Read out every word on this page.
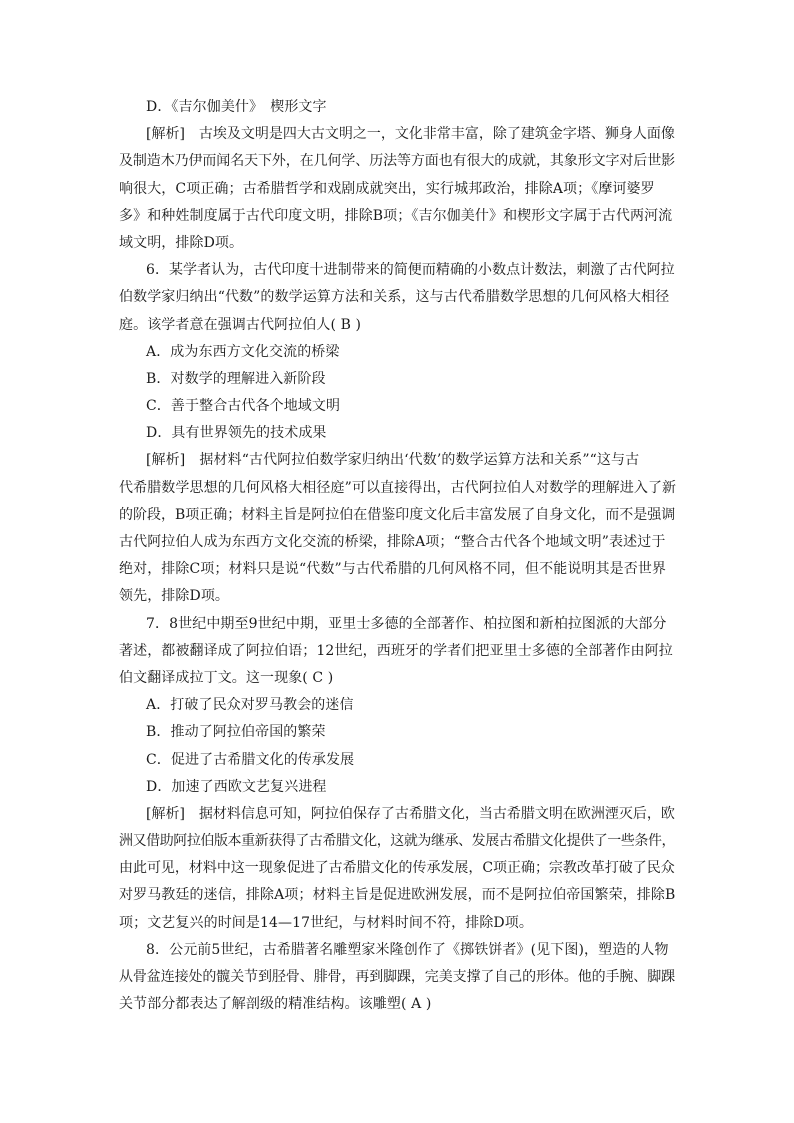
D．《吉尔伽美什》　楔形文字
[解析]　古埃及文明是四大古文明之一，文化非常丰富，除了建筑金字塔、狮身人面像
及制造木乃伊而闻名天下外，在几何学、历法等方面也有很大的成就，其象形文字对后世影
响很大，C项正确；古希腊哲学和戏剧成就突出，实行城邦政治，排除A项；《摩诃婆罗
多》和种姓制度属于古代印度文明，排除B项；《吉尔伽美什》和楔形文字属于古代两河流
域文明，排除D项。
6．某学者认为，古代印度十进制带来的简便而精确的小数点计数法，刺激了古代阿拉
伯数学家归纳出“代数”的数学运算方法和关系，这与古代希腊数学思想的几何风格大相径
庭。该学者意在强调古代阿拉伯人( B )
A．成为东西方文化交流的桥梁
B．对数学的理解进入新阶段
C．善于整合古代各个地域文明
D．具有世界领先的技术成果
[解析]　据材料“古代阿拉伯数学家归纳出‘代数’的数学运算方法和关系”“这与古
代希腊数学思想的几何风格大相径庭”可以直接得出，古代阿拉伯人对数学的理解进入了新
的阶段，B项正确；材料主旨是阿拉伯在借鉴印度文化后丰富发展了自身文化，而不是强调
古代阿拉伯人成为东西方文化交流的桥梁，排除A项；“整合古代各个地域文明”表述过于
绝对，排除C项；材料只是说“代数”与古代希腊的几何风格不同，但不能说明其是否世界
领先，排除D项。
7．8世纪中期至9世纪中期，亚里士多德的全部著作、柏拉图和新柏拉图派的大部分
著述，都被翻译成了阿拉伯语；12世纪，西班牙的学者们把亚里士多德的全部著作由阿拉
伯文翻译成拉丁文。这一现象( C )
A．打破了民众对罗马教会的迷信
B．推动了阿拉伯帝国的繁荣
C．促进了古希腊文化的传承发展
D．加速了西欧文艺复兴进程
[解析]　据材料信息可知，阿拉伯保存了古希腊文化，当古希腊文明在欧洲湮灭后，欧
洲又借助阿拉伯版本重新获得了古希腊文化，这就为继承、发展古希腊文化提供了一些条件，
由此可见，材料中这一现象促进了古希腊文化的传承发展，C项正确；宗教改革打破了民众
对罗马教廷的迷信，排除A项；材料主旨是促进欧洲发展，而不是阿拉伯帝国繁荣，排除B
项；文艺复兴的时间是14—17世纪，与材料时间不符，排除D项。
8．公元前5世纪，古希腊著名雕塑家米隆创作了《掷铁饼者》(见下图)，塑造的人物
从骨盆连接处的髋关节到胫骨、腓骨，再到脚踝，完美支撑了自己的形体。他的手腕、脚踝
关节部分都表达了解剖级的精准结构。该雕塑( A )
